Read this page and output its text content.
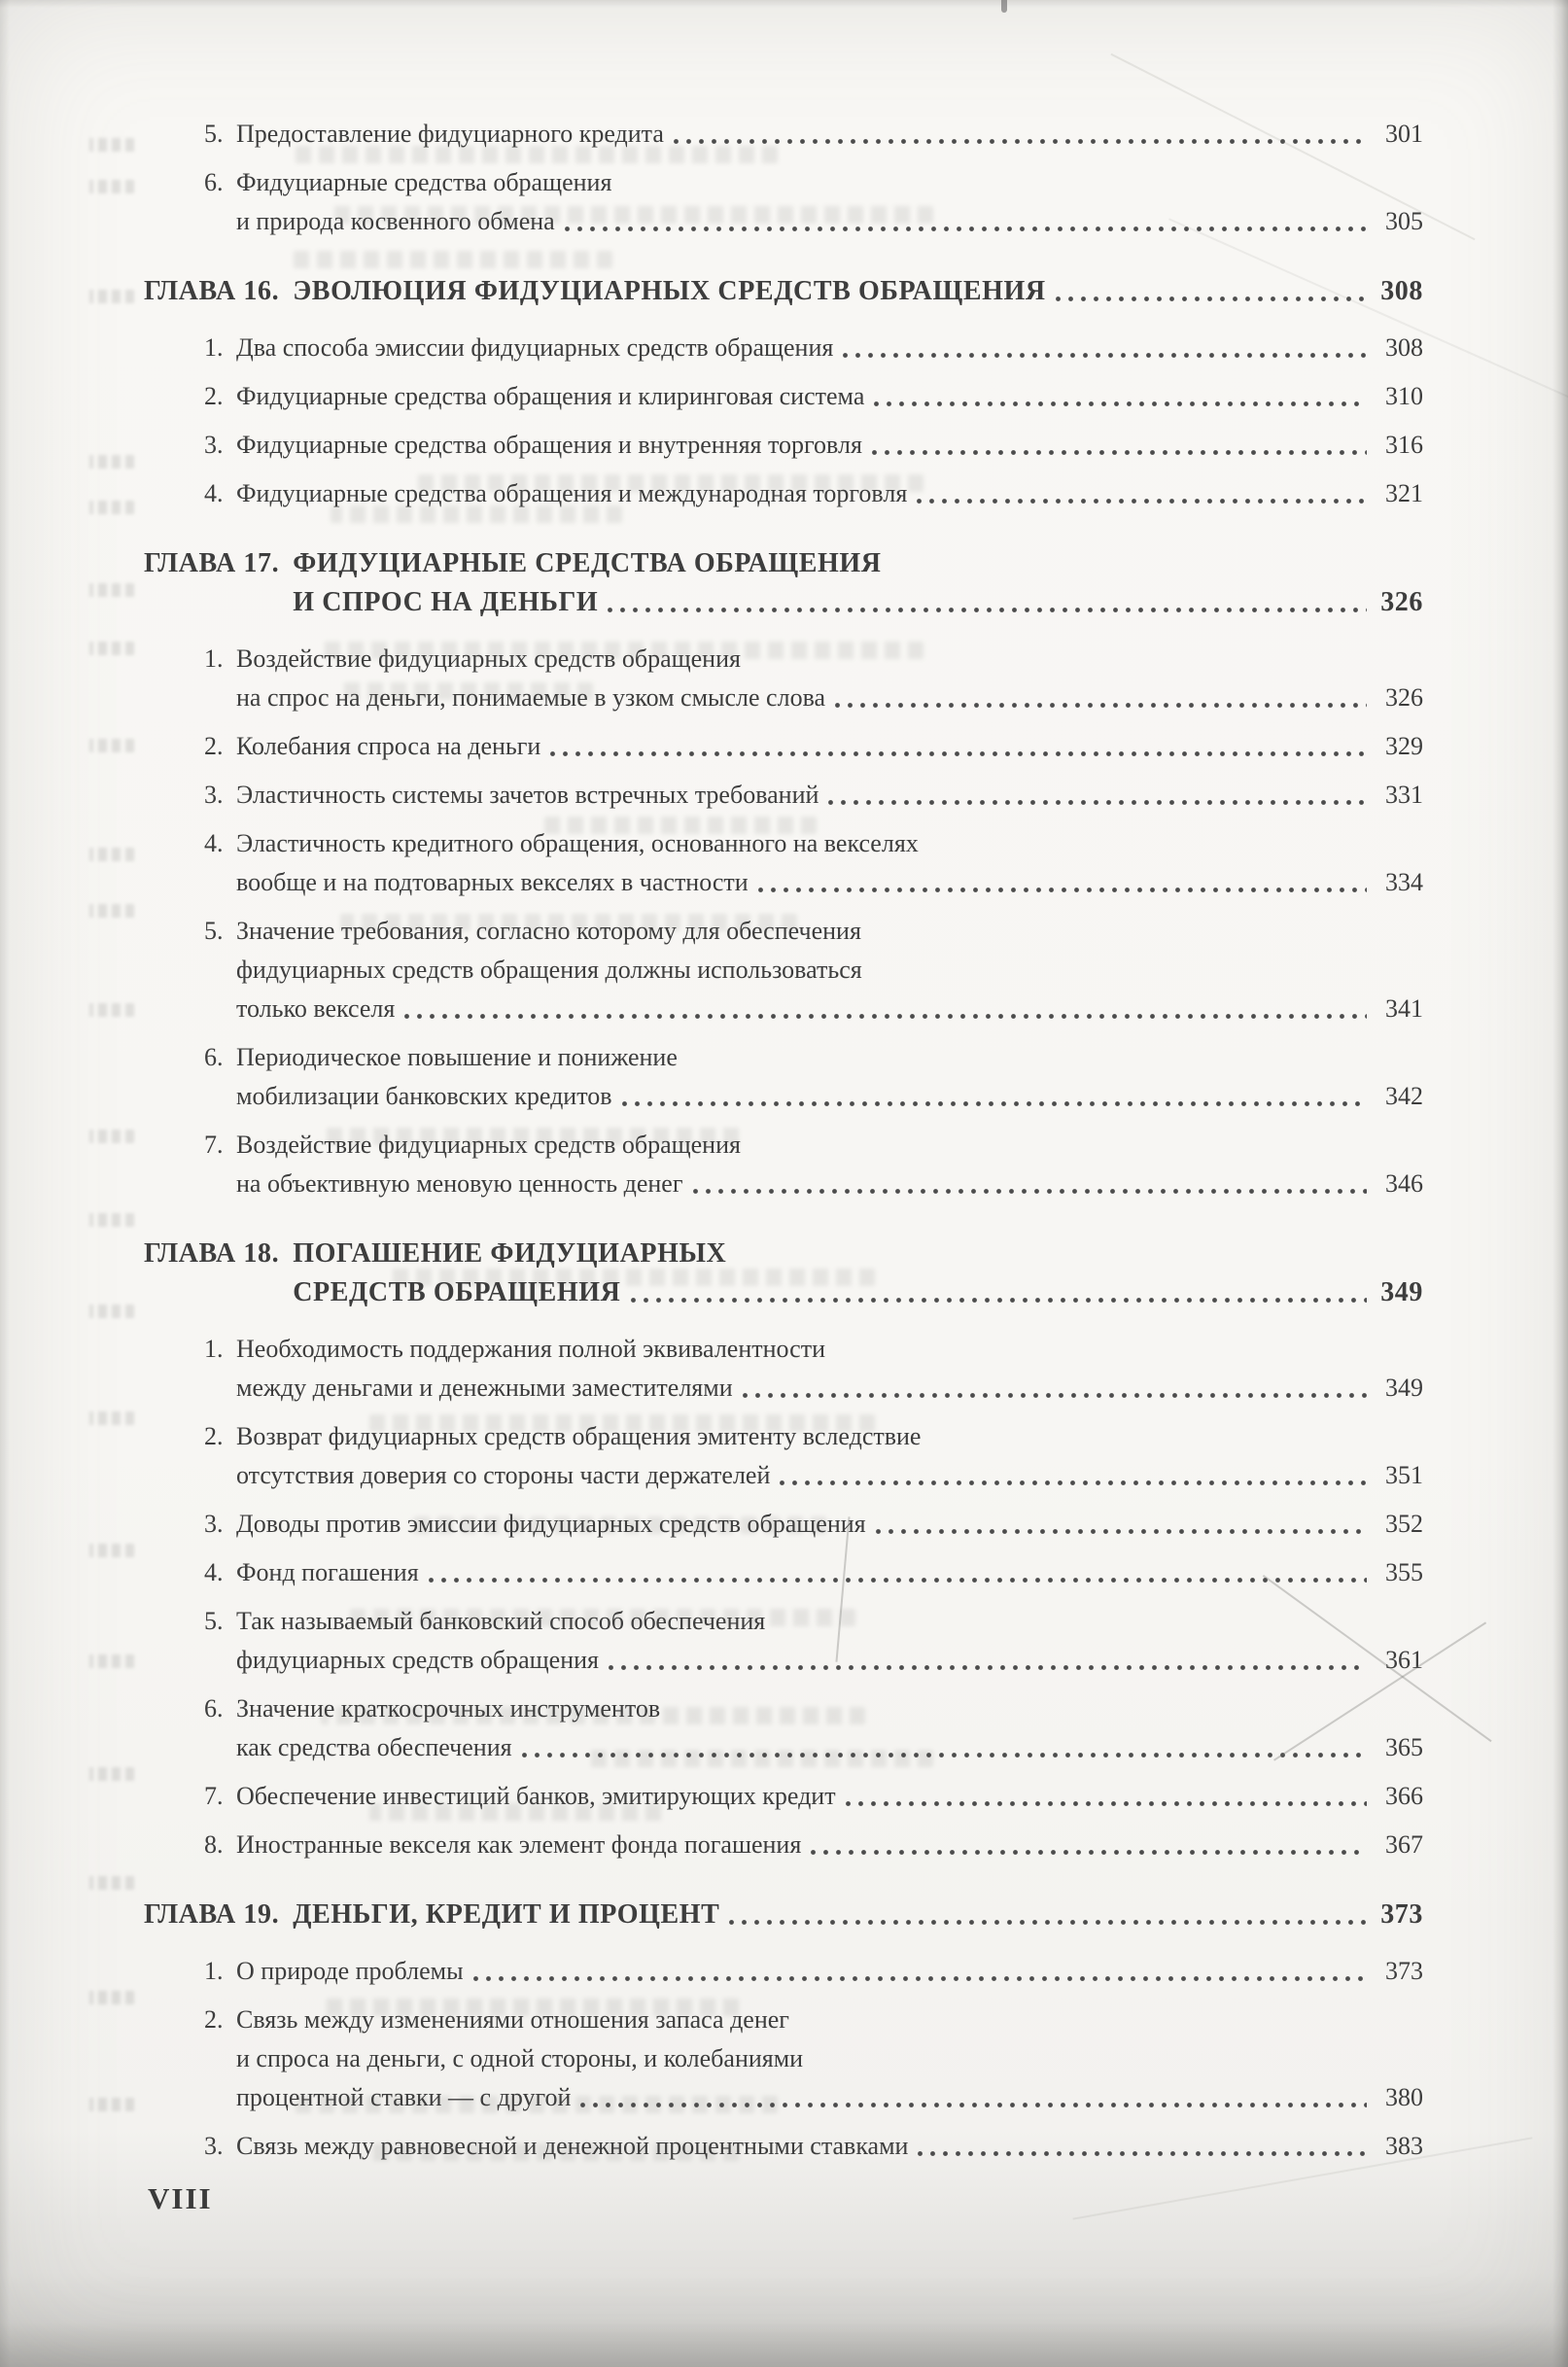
5. Предоставление фидуциарного кредита	301
6. Фидуциарные средства обращения
и природа косвенного обмена	305
ГЛАВА 16. ЭВОЛЮЦИЯ ФИДУЦИАРНЫХ СРЕДСТВ ОБРАЩЕНИЯ	308
1. Два способа эмиссии фидуциарных средств обращения	308
2. Фидуциарные средства обращения и клиринговая система	310
3. Фидуциарные средства обращения и внутренняя торговля	316
4. Фидуциарные средства обращения и международная торговля	321
ГЛАВА 17. ФИДУЦИАРНЫЕ СРЕДСТВА ОБРАЩЕНИЯ
И СПРОС НА ДЕНЬГИ	326
1. Воздействие фидуциарных средств обращения
на спрос на деньги, понимаемые в узком смысле слова	326
2. Колебания спроса на деньги	329
3. Эластичность системы зачетов встречных требований	331
4. Эластичность кредитного обращения, основанного на векселях
вообще и на подтоварных векселях в частности	334
5. Значение требования, согласно которому для обеспечения
фидуциарных средств обращения должны использоваться
только векселя	341
6. Периодическое повышение и понижение
мобилизации банковских кредитов	342
7. Воздействие фидуциарных средств обращения
на объективную меновую ценность денег	346
ГЛАВА 18. ПОГАШЕНИЕ ФИДУЦИАРНЫХ
СРЕДСТВ ОБРАЩЕНИЯ	349
1. Необходимость поддержания полной эквивалентности
между деньгами и денежными заместителями	349
2. Возврат фидуциарных средств обращения эмитенту вследствие
отсутствия доверия со стороны части держателей	351
3. Доводы против эмиссии фидуциарных средств обращения	352
4. Фонд погашения	355
5. Так называемый банковский способ обеспечения
фидуциарных средств обращения	361
6. Значение краткосрочных инструментов
как средства обеспечения	365
7. Обеспечение инвестиций банков, эмитирующих кредит	366
8. Иностранные векселя как элемент фонда погашения	367
ГЛАВА 19. ДЕНЬГИ, КРЕДИТ И ПРОЦЕНТ	373
1. О природе проблемы	373
2. Связь между изменениями отношения запаса денег
и спроса на деньги, с одной стороны, и колебаниями
процентной ставки — с другой	380
3. Связь между равновесной и денежной процентными ставками	383
VIII
